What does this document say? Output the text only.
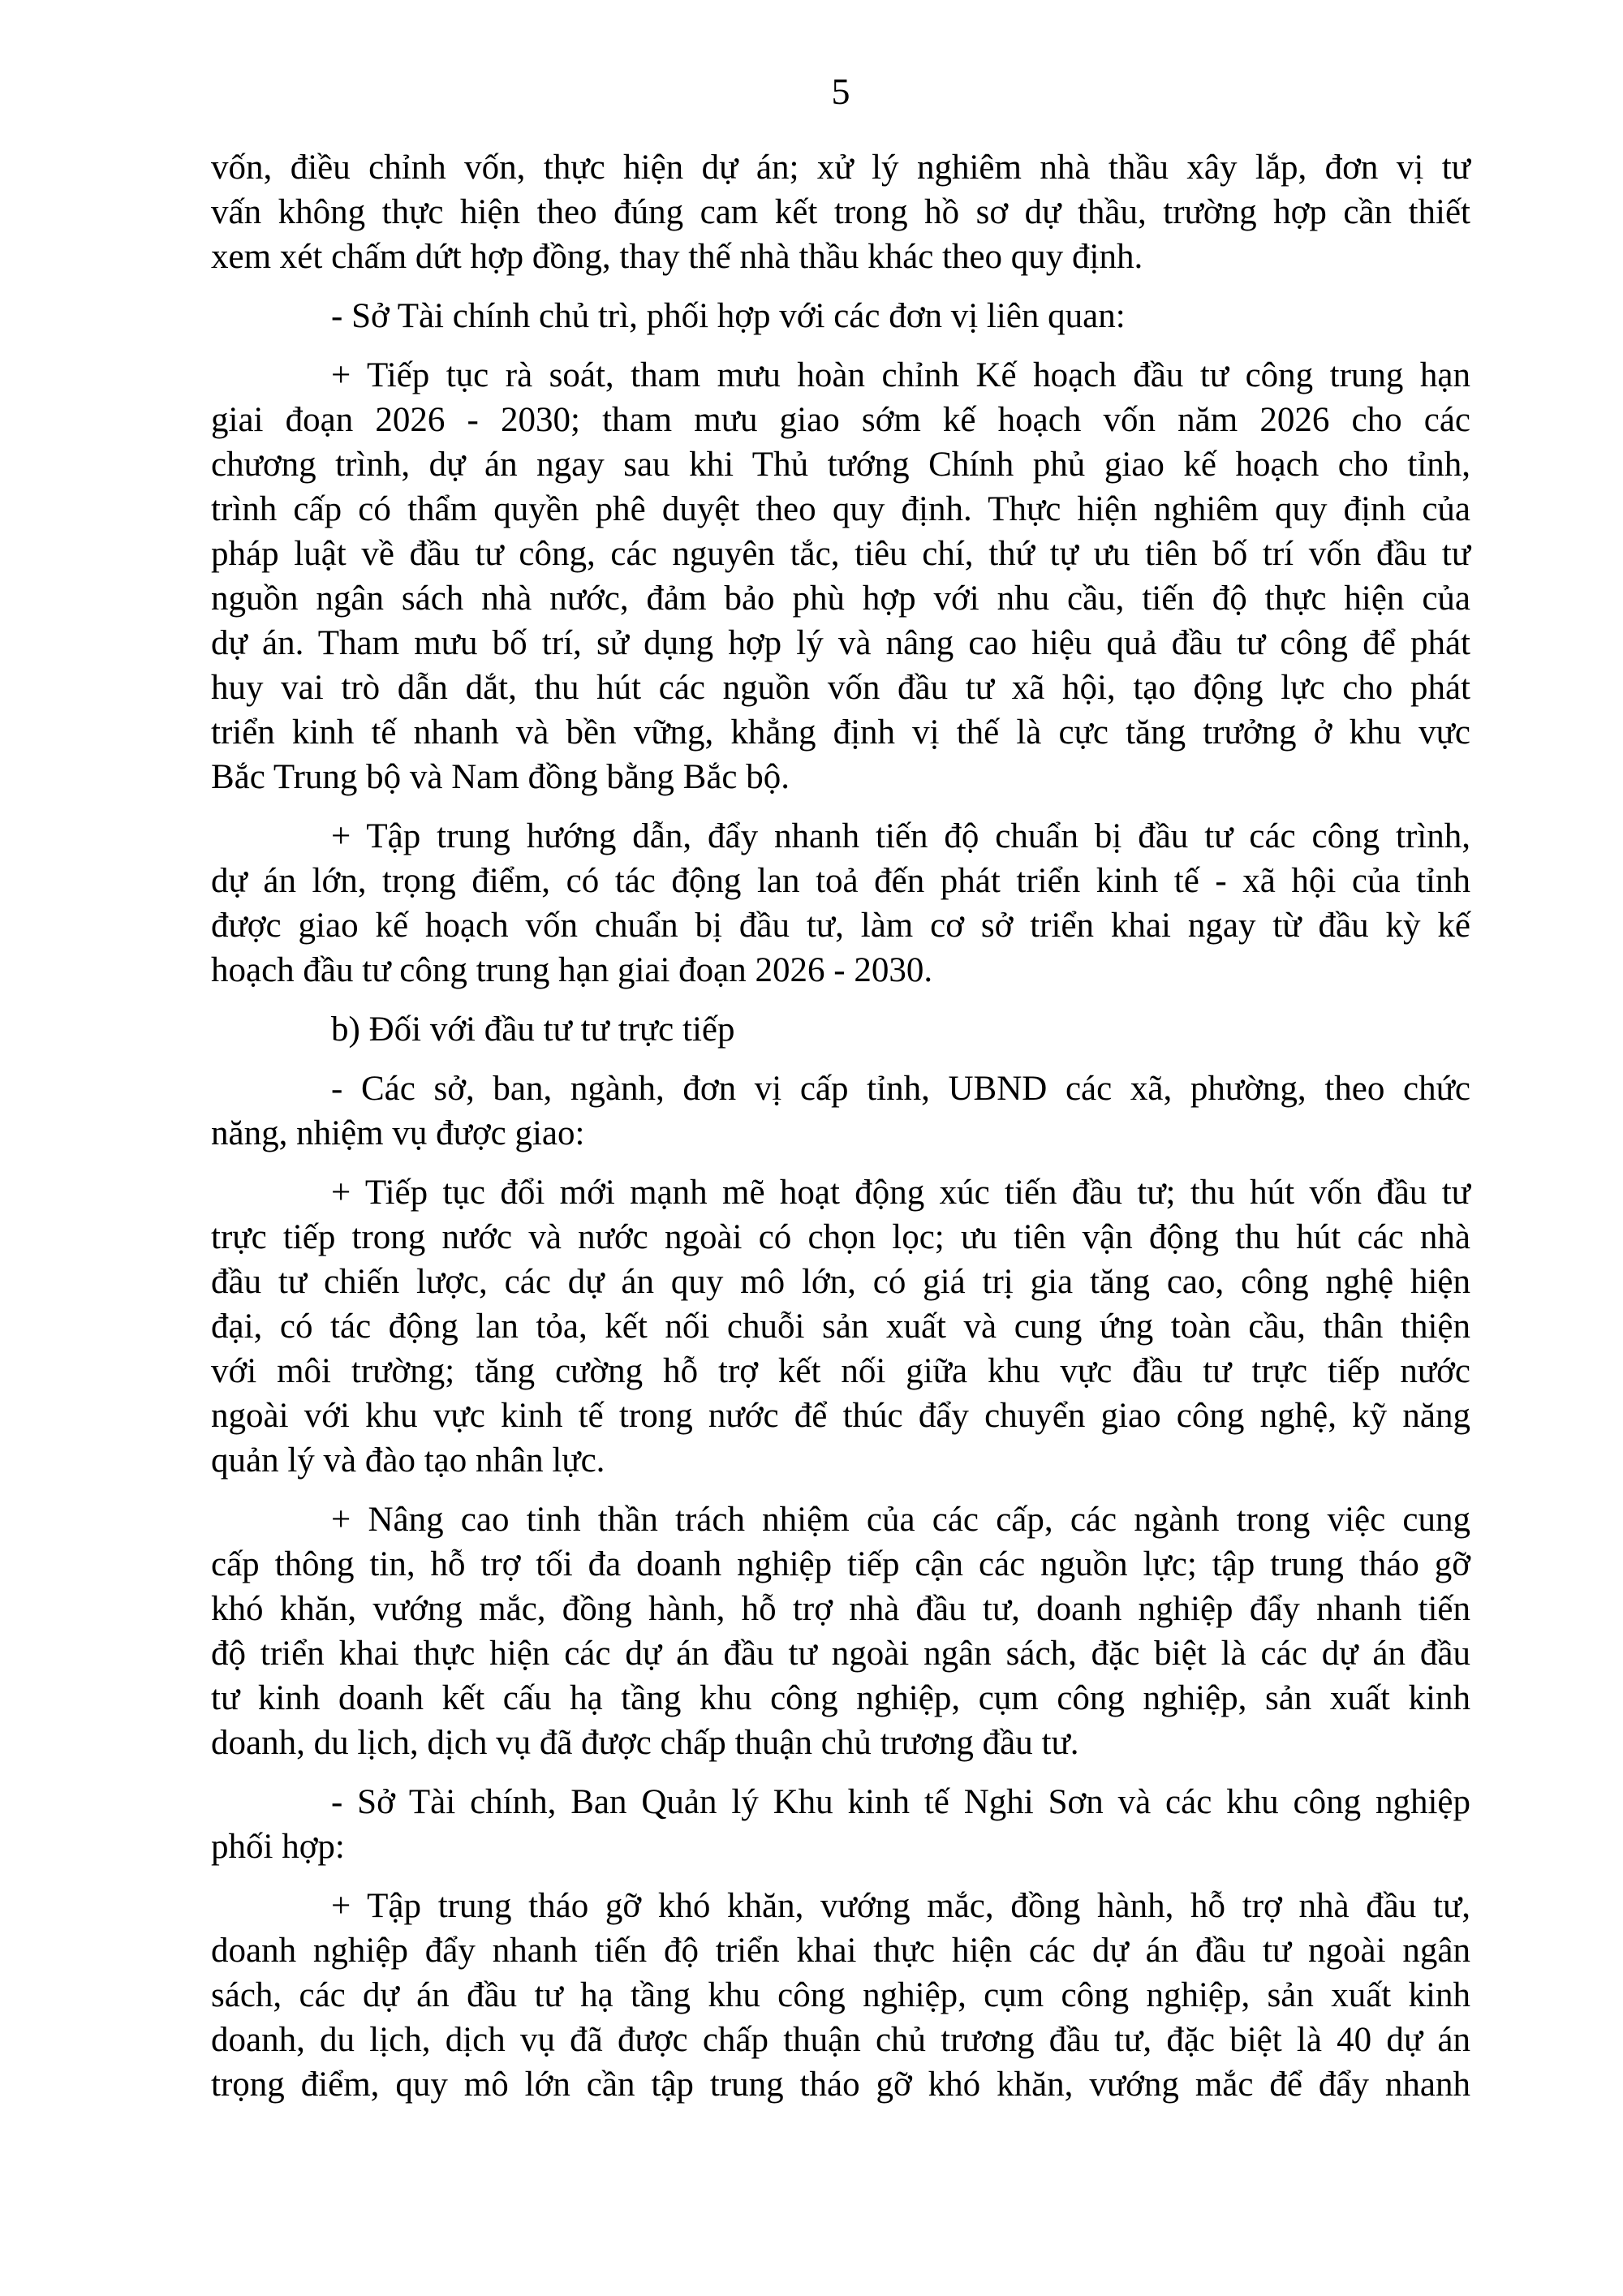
5
vốn, điều chỉnh vốn, thực hiện dự án; xử lý nghiêm nhà thầu xây lắp, đơn vị tư
vấn không thực hiện theo đúng cam kết trong hồ sơ dự thầu, trường hợp cần thiết
xem xét chấm dứt hợp đồng, thay thế nhà thầu khác theo quy định.
- Sở Tài chính chủ trì, phối hợp với các đơn vị liên quan:
+ Tiếp tục rà soát, tham mưu hoàn chỉnh Kế hoạch đầu tư công trung hạn
giai đoạn 2026 - 2030; tham mưu giao sớm kế hoạch vốn năm 2026 cho các
chương trình, dự án ngay sau khi Thủ tướng Chính phủ giao kế hoạch cho tỉnh,
trình cấp có thẩm quyền phê duyệt theo quy định. Thực hiện nghiêm quy định của
pháp luật về đầu tư công, các nguyên tắc, tiêu chí, thứ tự ưu tiên bố trí vốn đầu tư
nguồn ngân sách nhà nước, đảm bảo phù hợp với nhu cầu, tiến độ thực hiện của
dự án. Tham mưu bố trí, sử dụng hợp lý và nâng cao hiệu quả đầu tư công để phát
huy vai trò dẫn dắt, thu hút các nguồn vốn đầu tư xã hội, tạo động lực cho phát
triển kinh tế nhanh và bền vững, khẳng định vị thế là cực tăng trưởng ở khu vực
Bắc Trung bộ và Nam đồng bằng Bắc bộ.
+ Tập trung hướng dẫn, đẩy nhanh tiến độ chuẩn bị đầu tư các công trình,
dự án lớn, trọng điểm, có tác động lan toả đến phát triển kinh tế - xã hội của tỉnh
được giao kế hoạch vốn chuẩn bị đầu tư, làm cơ sở triển khai ngay từ đầu kỳ kế
hoạch đầu tư công trung hạn giai đoạn 2026 - 2030.
b) Đối với đầu tư tư trực tiếp
- Các sở, ban, ngành, đơn vị cấp tỉnh, UBND các xã, phường, theo chức
năng, nhiệm vụ được giao:
+ Tiếp tục đổi mới mạnh mẽ hoạt động xúc tiến đầu tư; thu hút vốn đầu tư
trực tiếp trong nước và nước ngoài có chọn lọc; ưu tiên vận động thu hút các nhà
đầu tư chiến lược, các dự án quy mô lớn, có giá trị gia tăng cao, công nghệ hiện
đại, có tác động lan tỏa, kết nối chuỗi sản xuất và cung ứng toàn cầu, thân thiện
với môi trường; tăng cường hỗ trợ kết nối giữa khu vực đầu tư trực tiếp nước
ngoài với khu vực kinh tế trong nước để thúc đẩy chuyển giao công nghệ, kỹ năng
quản lý và đào tạo nhân lực.
+ Nâng cao tinh thần trách nhiệm của các cấp, các ngành trong việc cung
cấp thông tin, hỗ trợ tối đa doanh nghiệp tiếp cận các nguồn lực; tập trung tháo gỡ
khó khăn, vướng mắc, đồng hành, hỗ trợ nhà đầu tư, doanh nghiệp đẩy nhanh tiến
độ triển khai thực hiện các dự án đầu tư ngoài ngân sách, đặc biệt là các dự án đầu
tư kinh doanh kết cấu hạ tầng khu công nghiệp, cụm công nghiệp, sản xuất kinh
doanh, du lịch, dịch vụ đã được chấp thuận chủ trương đầu tư.
- Sở Tài chính, Ban Quản lý Khu kinh tế Nghi Sơn và các khu công nghiệp
phối hợp:
+ Tập trung tháo gỡ khó khăn, vướng mắc, đồng hành, hỗ trợ nhà đầu tư,
doanh nghiệp đẩy nhanh tiến độ triển khai thực hiện các dự án đầu tư ngoài ngân
sách, các dự án đầu tư hạ tầng khu công nghiệp, cụm công nghiệp, sản xuất kinh
doanh, du lịch, dịch vụ đã được chấp thuận chủ trương đầu tư, đặc biệt là 40 dự án
trọng điểm, quy mô lớn cần tập trung tháo gỡ khó khăn, vướng mắc để đẩy nhanh
